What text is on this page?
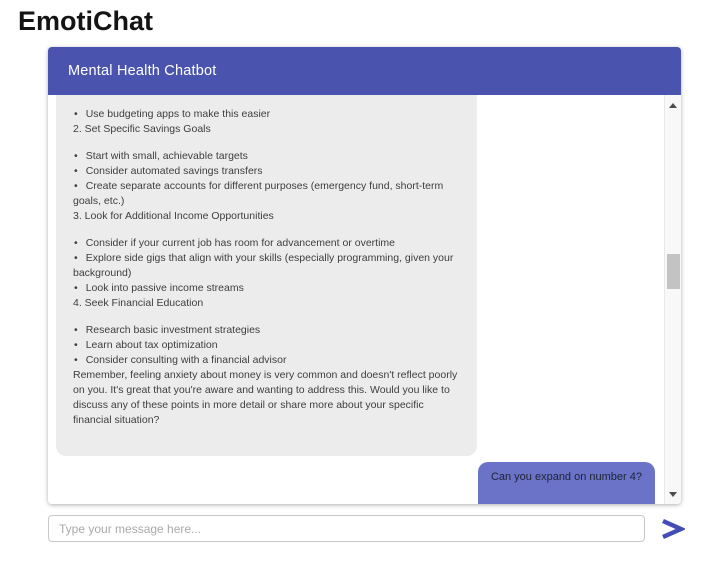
EmotiChat
Mental Health Chatbot
• Use budgeting apps to make this easier
2. Set Specific Savings Goals
• Start with small, achievable targets
• Consider automated savings transfers
• Create separate accounts for different purposes (emergency fund, short-term goals, etc.)
3. Look for Additional Income Opportunities
• Consider if your current job has room for advancement or overtime
• Explore side gigs that align with your skills (especially programming, given your background)
• Look into passive income streams
4. Seek Financial Education
• Research basic investment strategies
• Learn about tax optimization
• Consider consulting with a financial advisor
Remember, feeling anxiety about money is very common and doesn't reflect poorly on you. It's great that you're aware and wanting to address this. Would you like to discuss any of these points in more detail or share more about your specific financial situation?
Can you expand on number 4?
Type your message here...
